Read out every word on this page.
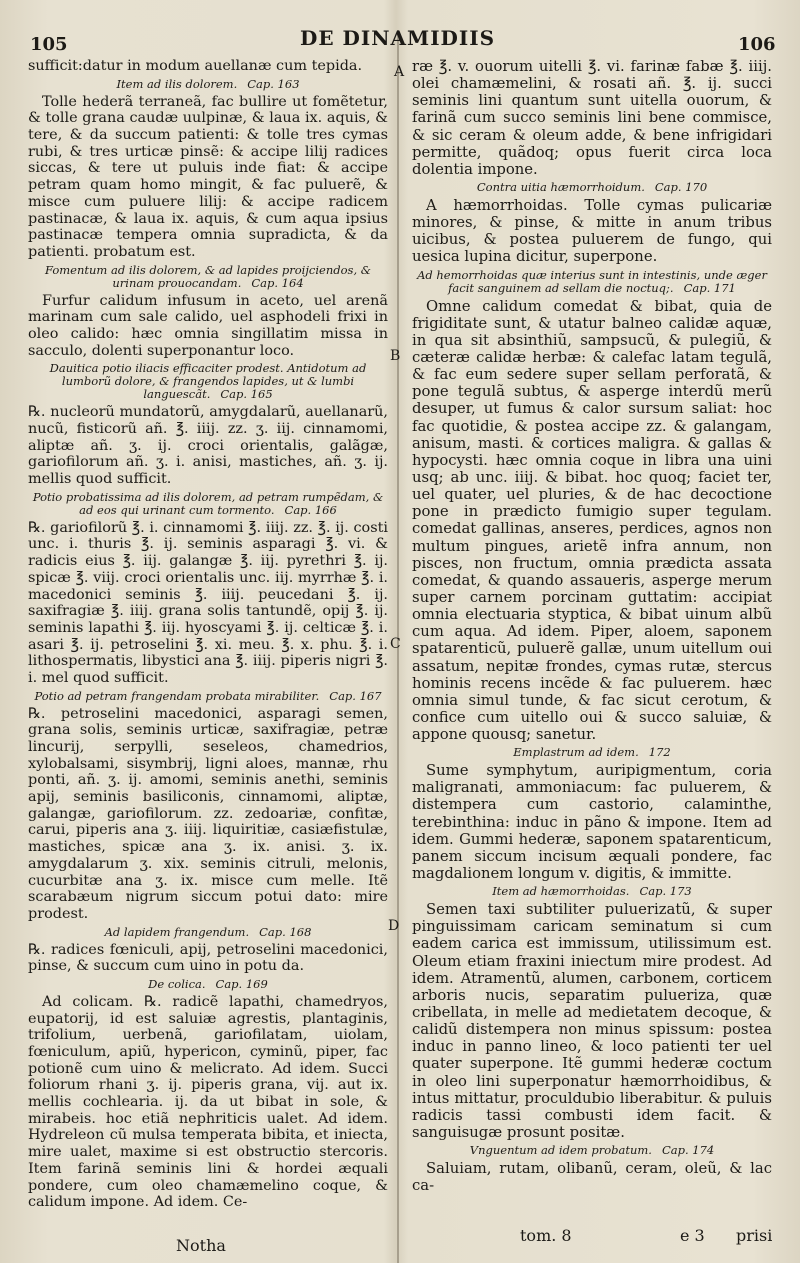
105	DE DINAMIDIIS	106

sufficit:datur in modum auellanæ cum tepida.

Item ad ilis dolorem. Cap. 163

Tolle hederã terraneã, fac bullire ut fomẽtetur, & tolle grana caudæ uulpinæ, & laua ix. aquis, & tere, & da succum patienti: & tolle tres cymas rubi, & tres urticæ pinsẽ: & accipe lilij radices siccas, & tere ut puluis inde fiat: & accipe petram quam homo mingit, & fac puluerẽ, & misce cum puluere lilij: & accipe radicem pastinacæ, & laua ix. aquis, & cum aqua ipsius pastinacæ tempera omnia supradicta, & da patienti. probatum est.

Fomentum ad ilis dolorem, & ad lapides proijciendos, & urinam prouocandam. Cap. 164

Furfur calidum infusum in aceto, uel arenã marinam cum sale calido, uel asphodeli frixi in oleo calido: hæc omnia singillatim missa in sacculo, dolenti superponantur loco.

Dauitica potio iliacis efficaciter prodest. Antidotum ad lumborũ dolore, & frangendos lapides, ut & lumbi languescãt. Cap. 165

℞. nucleorũ mundatorũ, amygdalarũ, auellanarũ, nucũ, fisticorũ añ. ℥. iiij. zz. ʒ. iij. cinnamomi, aliptæ añ. ʒ. ij. croci orientalis, galãgæ, gariofilorum añ. ʒ. i. anisi, mastiches, añ. ʒ. ij. mellis quod sufficit.

Potio probatissima ad ilis dolorem, ad petram rumpẽdam, & ad eos qui urinant cum tormento. Cap. 166

℞. gariofilorũ ℥. i. cinnamomi ℥. iiij. zz. ℥. ij. costi unc. i. thuris ℥. ij. seminis asparagi ℥. vi. & radicis eius ℥. iij. galangæ ℥. iij. pyrethri ℥. ij. spicæ ℥. viij. croci orientalis unc. iij. myrrhæ ℥. i. macedonici seminis ℥. iiij. peucedani ℥. ij. saxifragiæ ℥. iiij. grana solis tantundẽ, opij ℥. ij. seminis lapathi ℥. iij. hyoscyami ℥. ij. celticæ ℥. i. asari ℥. ij. petroselini ℥. xi. meu. ℥. x. phu. ℥. i. lithospermatis, libystici ana ℥. iiij. piperis nigri ℥. i. mel quod sufficit.

Potio ad petram frangendam probata mirabiliter. Cap. 167

℞. petroselini macedonici, asparagi semen, grana solis, seminis urticæ, saxifragiæ, petræ lincurij, serpylli, seseleos, chamedrios, xylobalsami, sisymbrij, ligni aloes, mannæ, rhu ponti, añ. ʒ. ij. amomi, seminis anethi, seminis apij, seminis basiliconis, cinnamomi, aliptæ, galangæ, gariofilorum. zz. zedoariæ, confitæ, carui, piperis ana ʒ. iiij. liquiritiæ, casiæfistulæ, mastiches, spicæ ana ʒ. ix. anisi. ʒ. ix. amygdalarum ʒ. xix. seminis citruli, melonis, cucurbitæ ana ʒ. ix. misce cum melle. Itẽ scarabæum nigrum siccum potui dato: mire prodest.

Ad lapidem frangendum. Cap. 168

℞. radices fœniculi, apij, petroselini macedonici, pinse, & succum cum uino in potu da.

De colica. Cap. 169

Ad colicam. ℞. radicẽ lapathi, chamedryos, eupatorij, id est saluiæ agrestis, plantaginis, trifolium, uerbenã, gariofilatam, uiolam, fœniculum, apiũ, hypericon, cyminũ, piper, fac potionẽ cum uino & melicrato. Ad idem. Succi foliorum rhani ʒ. ij. piperis grana, vij. aut ix. mellis cochlearia. ij. da ut bibat in sole, & mirabeis. hoc etiã nephriticis ualet. Ad idem. Hydreleon cũ mulsa temperata bibita, et iniecta, mire ualet, maxime si est obstructio stercoris. Item farinã seminis lini & hordei æquali pondere, cum oleo chamæmelino coque, & calidum impone. Ad idem. Ce-

ræ ℥. v. ouorum uitelli ℥. vi. farinæ fabæ ℥. iiij. olei chamæmelini, & rosati añ. ℥. ij. succi seminis lini quantum sunt uitella ouorum, & farinã cum succo seminis lini bene commisce, & sic ceram & oleum adde, & bene infrigidari permitte, quãdoq; opus fuerit circa loca dolentia impone.

Contra uitia hæmorrhoidum. Cap. 170

A hæmorrhoidas. Tolle cymas pulicariæ minores, & pinse, & mitte in anum tribus uicibus, & postea puluerem de fungo, qui uesica lupina dicitur, superpone.

Ad hemorrhoidas quæ interius sunt in intestinis, unde æger facit sanguinem ad sellam die noctuq;. Cap. 171

Omne calidum comedat & bibat, quia de frigiditate sunt, & utatur balneo calidæ aquæ, in qua sit absinthiũ, sampsucũ, & pulegiũ, & cæteræ calidæ herbæ: & calefac latam tegulã, & fac eum sedere super sellam perforatã, & pone tegulã subtus, & asperge interdũ merũ desuper, ut fumus & calor sursum saliat: hoc fac quotidie, & postea accipe zz. & galangam, anisum, masti. & cortices maligra. & gallas & hypocysti. hæc omnia coque in libra una uini usq; ab unc. iiij. & bibat. hoc quoq; faciet ter, uel quater, uel pluries, & de hac decoctione pone in prædicto fumigio super tegulam. comedat gallinas, anseres, perdices, agnos non multum pingues, arietẽ infra annum, non pisces, non fructum, omnia prædicta assata comedat, & quando assaueris, asperge merum super carnem porcinam guttatim: accipiat omnia electuaria styptica, & bibat uinum albũ cum aqua. Ad idem. Piper, aloem, saponem spatarenticũ, puluerẽ gallæ, unum uitellum oui assatum, nepitæ frondes, cymas rutæ, stercus hominis recens incẽde & fac puluerem. hæc omnia simul tunde, & fac sicut cerotum, & confice cum uitello oui & succo saluiæ, & appone quousq; sanetur.

Emplastrum ad idem. 172

Sume symphytum, auripigmentum, coria maligranati, ammoniacum: fac puluerem, & distempera cum castorio, calaminthe, terebinthina: induc in pãno & impone. Item ad idem. Gummi hederæ, saponem spatarenticum, panem siccum incisum æquali pondere, fac magdalionem longum v. digitis, & immitte.

Item ad hæmorrhoidas. Cap. 173

Semen taxi subtiliter puluerizatũ, & super pinguissimam caricam seminatum si cum eadem carica est immissum, utilissimum est. Oleum etiam fraxini iniectum mire prodest. Ad idem. Atramentũ, alumen, carbonem, corticem arboris nucis, separatim pulueriza, quæ cribellata, in melle ad medietatem decoque, & calidũ distempera non minus spissum: postea induc in panno lineo, & loco patienti ter uel quater superpone. Itẽ gummi hederæ coctum in oleo lini superponatur hæmorrhoidibus, & intus mittatur, proculdubio liberabitur. & puluis radicis tassi combusti idem facit. & sanguisugæ prosunt positæ.

Vnguentum ad idem probatum. Cap. 174

Saluiam, rutam, olibanũ, ceram, oleũ, & lac ca-

A
B
C
D
Notha
tom. 8	e 3 prisi
